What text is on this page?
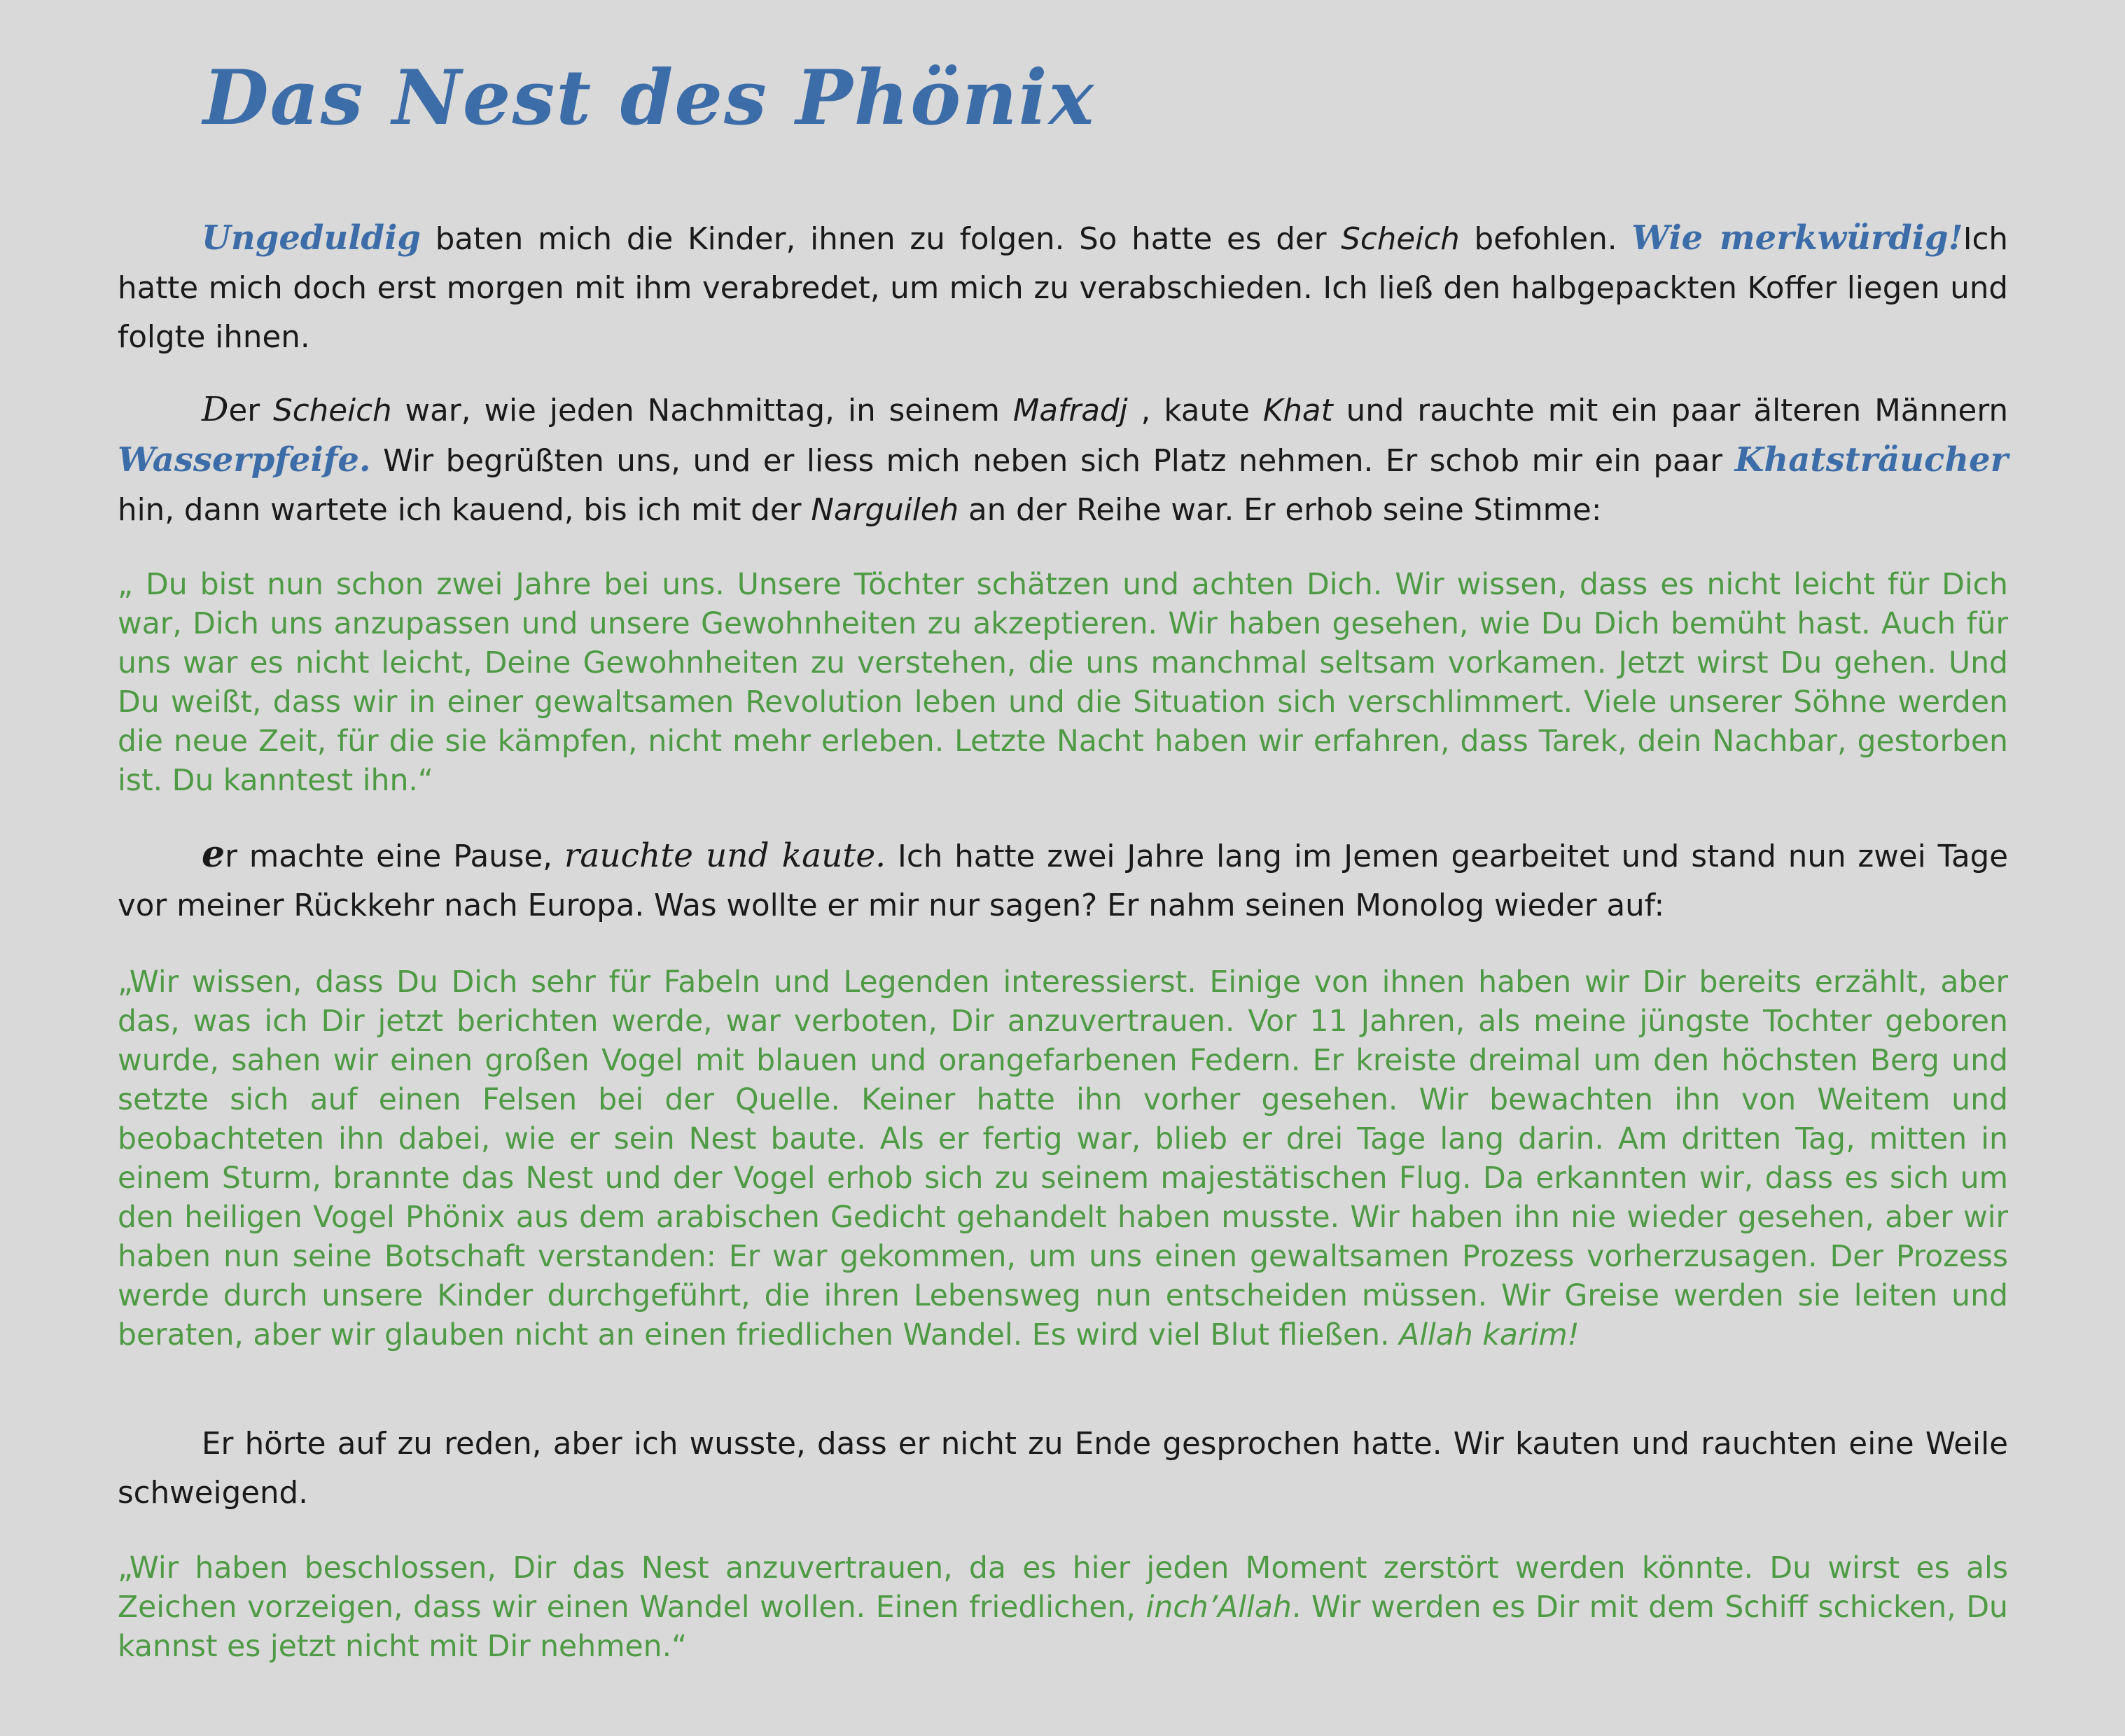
Das Nest des Phönix

Ungeduldig baten mich die Kinder, ihnen zu folgen. So hatte es der Scheich befohlen. Wie merkwürdig!Ich hatte mich doch erst morgen mit ihm verabredet, um mich zu verabschieden. Ich ließ den halbgepackten Koffer liegen und folgte ihnen.

Der Scheich war, wie jeden Nachmittag, in seinem Mafradj , kaute Khat und rauchte mit ein paar älteren Männern Wasserpfeife. Wir begrüßten uns, und er liess mich neben sich Platz nehmen. Er schob mir ein paar Khatsträucher hin, dann wartete ich kauend, bis ich mit der Narguileh an der Reihe war. Er erhob seine Stimme:

„ Du bist nun schon zwei Jahre bei uns. Unsere Töchter schätzen und achten Dich. Wir wissen, dass es nicht leicht für Dich war, Dich uns anzupassen und unsere Gewohnheiten zu akzeptieren. Wir haben gesehen, wie Du Dich bemüht hast. Auch für uns war es nicht leicht, Deine Gewohnheiten zu verstehen, die uns manchmal seltsam vorkamen. Jetzt wirst Du gehen. Und Du weißt, dass wir in einer gewaltsamen Revolution leben und die Situation sich verschlimmert. Viele unserer Söhne werden die neue Zeit, für die sie kämpfen, nicht mehr erleben. Letzte Nacht haben wir erfahren, dass Tarek, dein Nachbar, gestorben ist. Du kanntest ihn.“

er machte eine Pause, rauchte und kaute. Ich hatte zwei Jahre lang im Jemen gearbeitet und stand nun zwei Tage vor meiner Rückkehr nach Europa. Was wollte er mir nur sagen? Er nahm seinen Monolog wieder auf:

„Wir wissen, dass Du Dich sehr für Fabeln und Legenden interessierst. Einige von ihnen haben wir Dir bereits erzählt, aber das, was ich Dir jetzt berichten werde, war verboten, Dir anzuvertrauen. Vor 11 Jahren, als meine jüngste Tochter geboren wurde, sahen wir einen großen Vogel mit blauen und orangefarbenen Federn. Er kreiste dreimal um den höchsten Berg und setzte sich auf einen Felsen bei der Quelle. Keiner hatte ihn vorher gesehen. Wir bewachten ihn von Weitem und beobachteten ihn dabei, wie er sein Nest baute. Als er fertig war, blieb er drei Tage lang darin. Am dritten Tag, mitten in einem Sturm, brannte das Nest und der Vogel erhob sich zu seinem majestätischen Flug. Da erkannten wir, dass es sich um den heiligen Vogel Phönix aus dem arabischen Gedicht gehandelt haben musste. Wir haben ihn nie wieder gesehen, aber wir haben nun seine Botschaft verstanden: Er war gekommen, um uns einen gewaltsamen Prozess vorherzusagen. Der Prozess werde durch unsere Kinder durchgeführt, die ihren Lebensweg nun entscheiden müssen. Wir Greise werden sie leiten und beraten, aber wir glauben nicht an einen friedlichen Wandel. Es wird viel Blut fließen. Allah karim!

Er hörte auf zu reden, aber ich wusste, dass er nicht zu Ende gesprochen hatte. Wir kauten und rauchten eine Weile schweigend.

„Wir haben beschlossen, Dir das Nest anzuvertrauen, da es hier jeden Moment zerstört werden könnte. Du wirst es als Zeichen vorzeigen, dass wir einen Wandel wollen. Einen friedlichen, inch’Allah. Wir werden es Dir mit dem Schiff schicken, Du kannst es jetzt nicht mit Dir nehmen.“
